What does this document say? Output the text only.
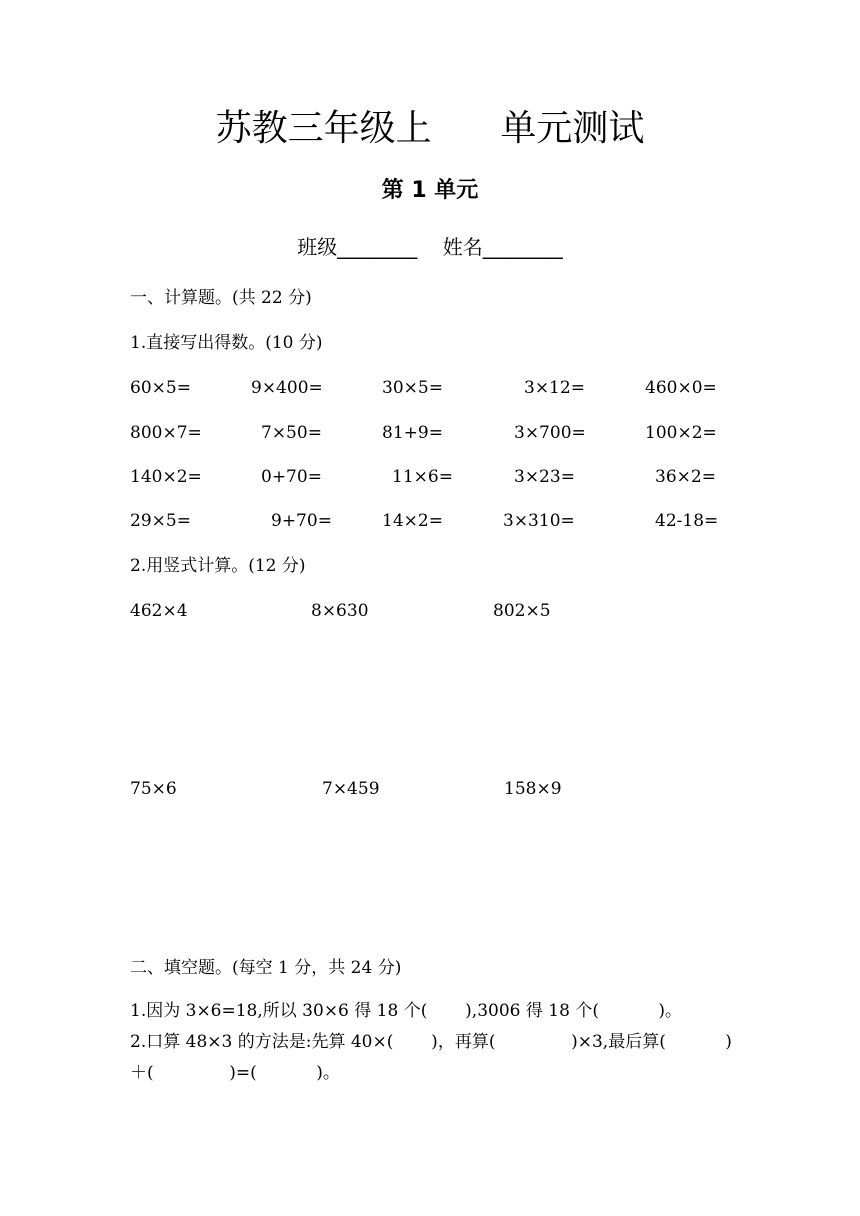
苏教三年级上      单元测试
第 1 单元
班级________    姓名________
一、计算题。(共 22 分)
1.直接写出得数。(10 分)
60×5=	9×400=	30×5=	3×12=	460×0=
800×7=	7×50=	81+9=	3×700=	100×2=
140×2=	0+70=	11×6=	3×23=	36×2=
29×5=	9+70=	14×2=	3×310=	42-18=
2.用竖式计算。(12 分)
462×4	8×630	802×5
75×6	7×459	158×9
二、填空题。(每空 1 分，共 24 分)
1.因为 3×6=18,所以 30×6 得 18 个(       ),3006 得 18 个(           )。
2.口算 48×3 的方法是:先算 40×(       )，再算(              )×3,最后算(           )＋(              )=(           )。
